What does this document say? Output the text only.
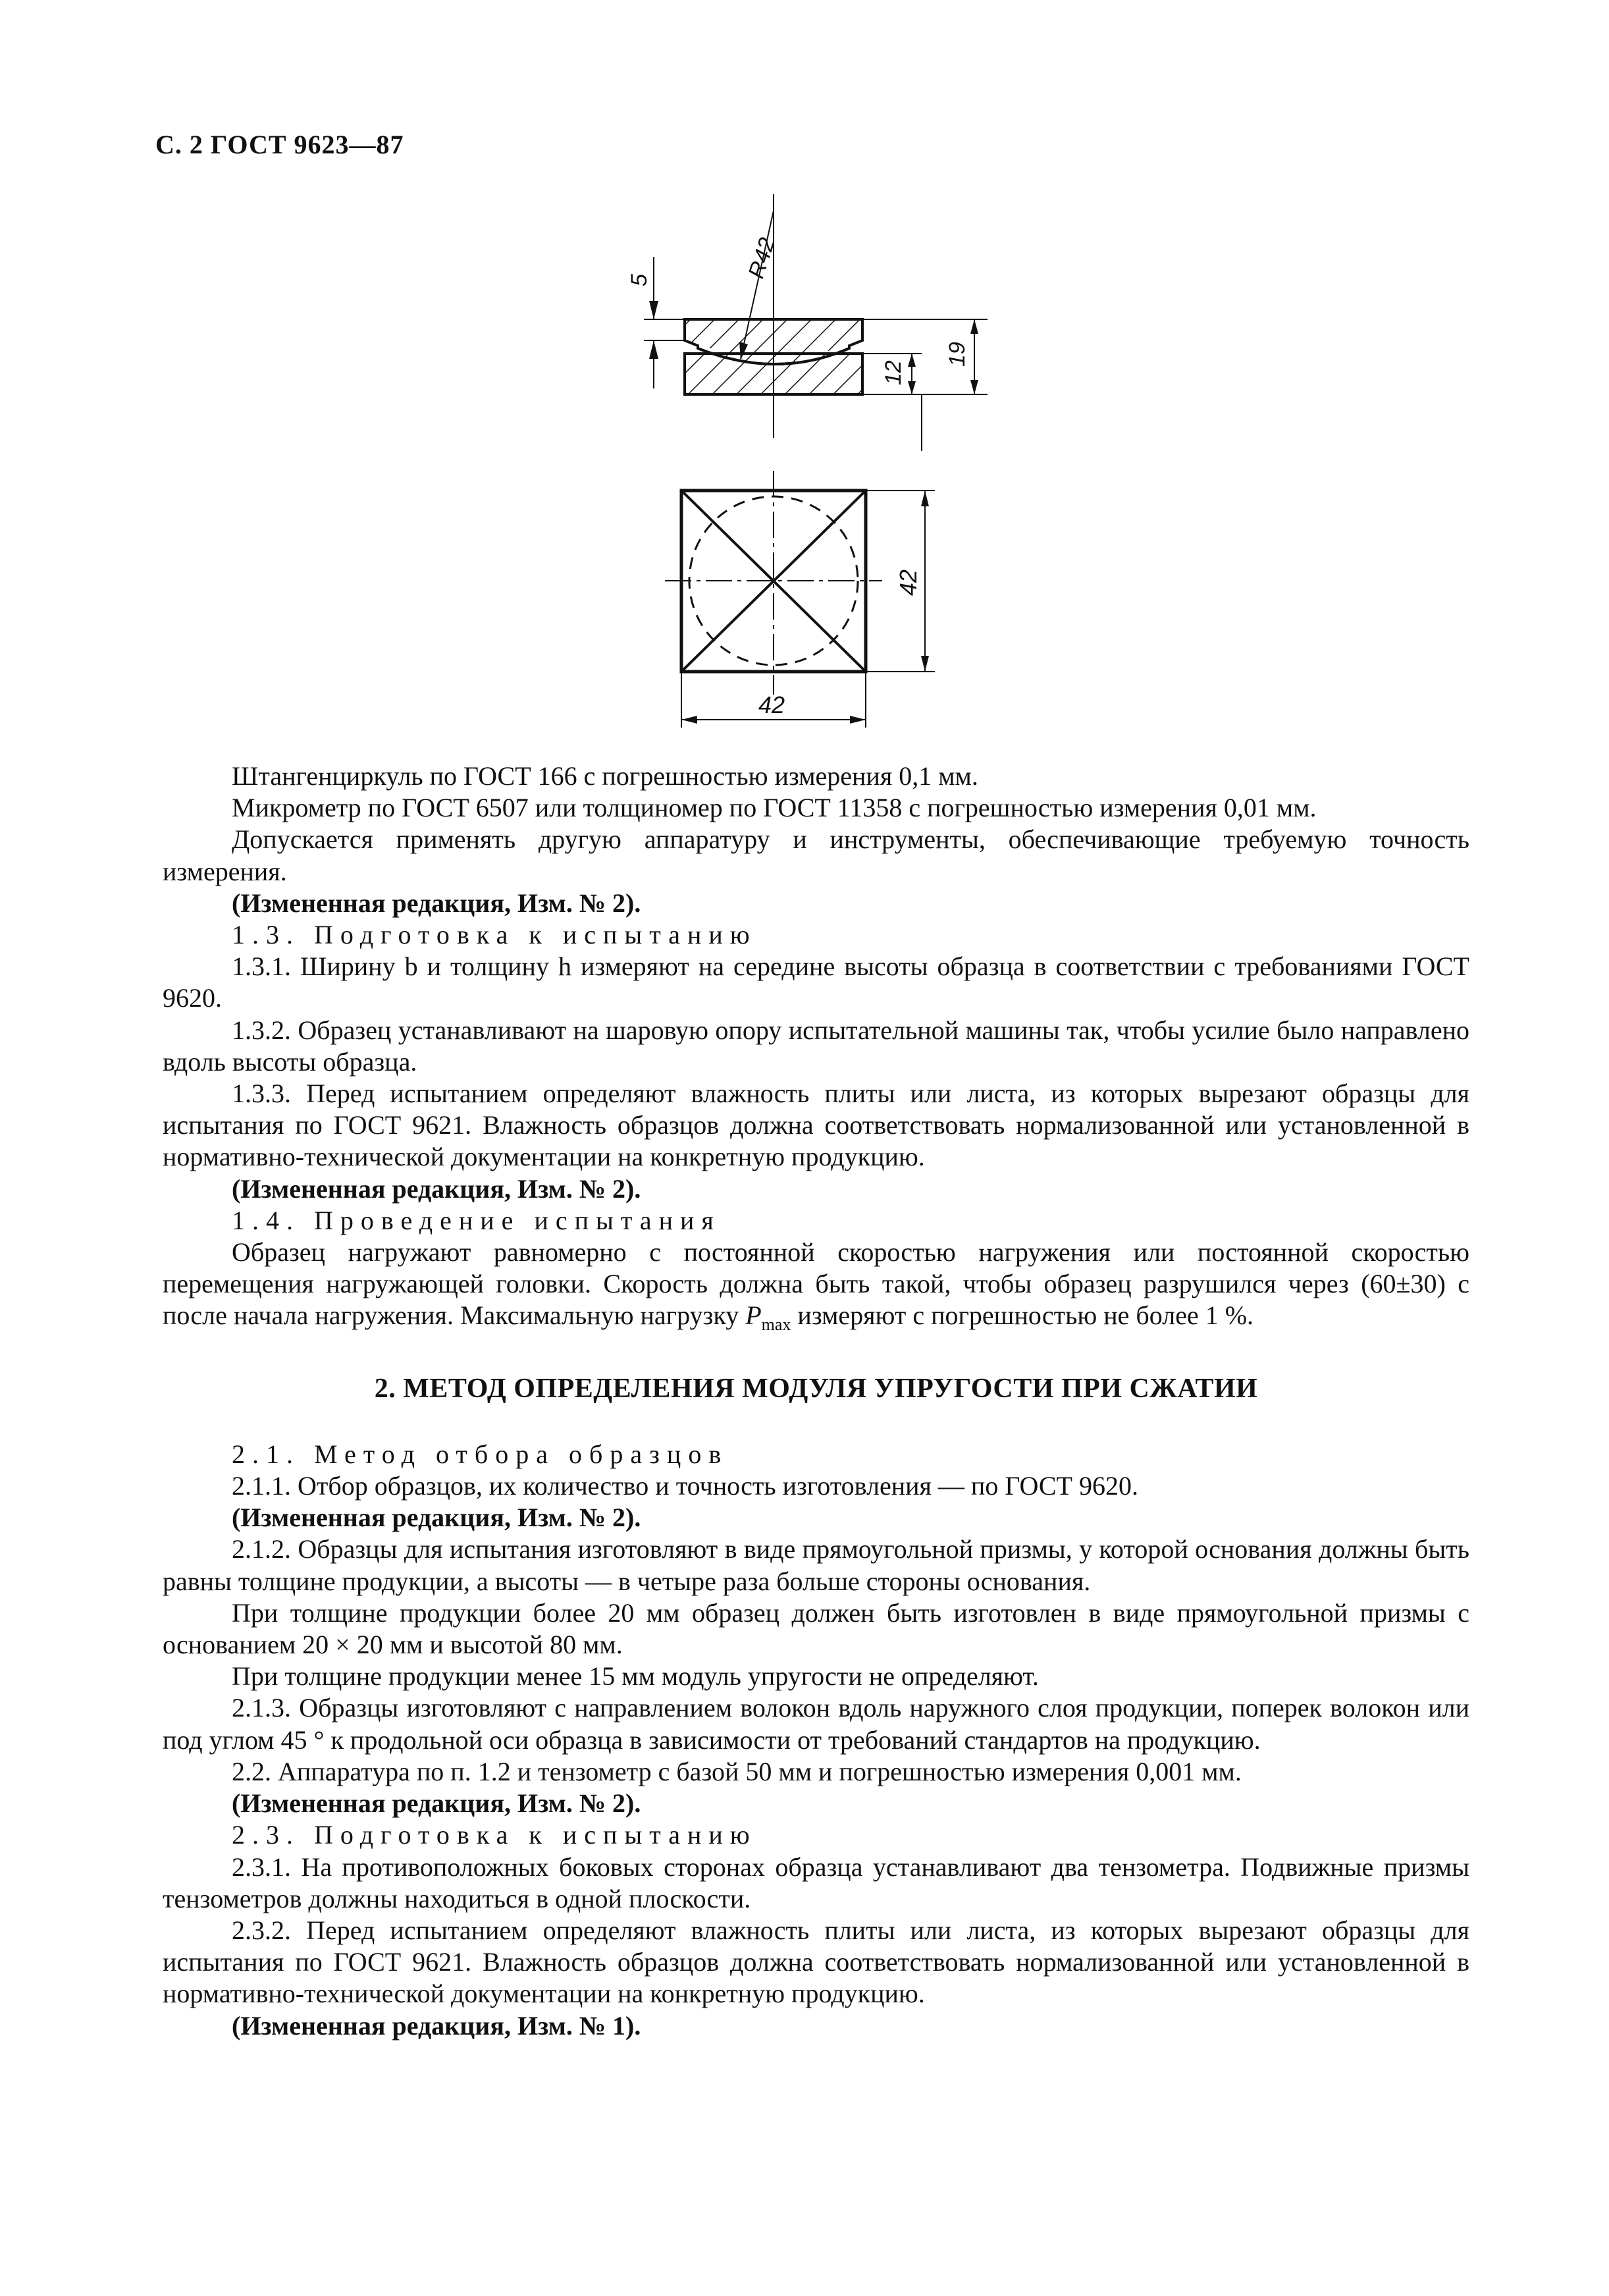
С. 2 ГОСТ 9623—87
5	R42
12
19
42
42
Штангенциркуль по ГОСТ 166 с погрешностью измерения 0,1 мм.
Микрометр по ГОСТ 6507 или толщиномер по ГОСТ 11358 с погрешностью измерения 0,01 мм.
Допускается применять другую аппаратуру и инструменты, обеспечивающие требуемую точность измерения.
(Измененная редакция, Изм. № 2).
1.3. Подготовка к испытанию
1.3.1. Ширину b и толщину h измеряют на середине высоты образца в соответствии с требованиями ГОСТ 9620.
1.3.2. Образец устанавливают на шаровую опору испытательной машины так, чтобы усилие было направлено вдоль высоты образца.
1.3.3. Перед испытанием определяют влажность плиты или листа, из которых вырезают образцы для испытания по ГОСТ 9621. Влажность образцов должна соответствовать нормализованной или установленной в нормативно-технической документации на конкретную продукцию.
(Измененная редакция, Изм. № 2).
1.4. Проведение испытания
Образец нагружают равномерно с постоянной скоростью нагружения или постоянной скоростью перемещения нагружающей головки. Скорость должна быть такой, чтобы образец разрушился через (60±30) с после начала нагружения. Максимальную нагрузку $P_{max}$ измеряют с погрешностью не более 1 %.
2. МЕТОД ОПРЕДЕЛЕНИЯ МОДУЛЯ УПРУГОСТИ ПРИ СЖАТИИ
2.1. Метод отбора образцов
2.1.1. Отбор образцов, их количество и точность изготовления — по ГОСТ 9620.
(Измененная редакция, Изм. № 2).
2.1.2. Образцы для испытания изготовляют в виде прямоугольной призмы, у которой основания должны быть равны толщине продукции, а высоты — в четыре раза больше стороны основания.
При толщине продукции более 20 мм образец должен быть изготовлен в виде прямоугольной призмы с основанием 20 × 20 мм и высотой 80 мм.
При толщине продукции менее 15 мм модуль упругости не определяют.
2.1.3. Образцы изготовляют с направлением волокон вдоль наружного слоя продукции, поперек волокон или под углом 45 ° к продольной оси образца в зависимости от требований стандартов на продукцию.
2.2. Аппаратура по п. 1.2 и тензометр с базой 50 мм и погрешностью измерения 0,001 мм.
(Измененная редакция, Изм. № 2).
2.3. Подготовка к испытанию
2.3.1. На противоположных боковых сторонах образца устанавливают два тензометра. Подвижные призмы тензометров должны находиться в одной плоскости.
2.3.2. Перед испытанием определяют влажность плиты или листа, из которых вырезают образцы для испытания по ГОСТ 9621. Влажность образцов должна соответствовать нормализованной или установленной в нормативно-технической документации на конкретную продукцию.
(Измененная редакция, Изм. № 1).
